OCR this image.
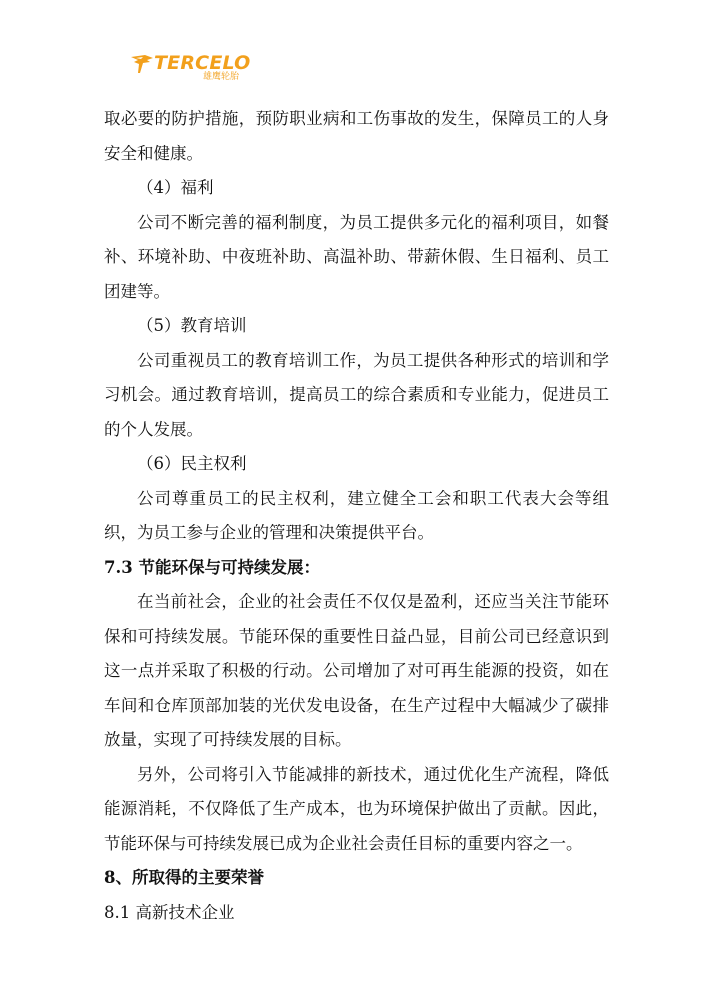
TERCELO
雄鹰轮胎

取必要的防护措施，预防职业病和工伤事故的发生，保障员工的人身安全和健康。

（4）福利

公司不断完善的福利制度，为员工提供多元化的福利项目，如餐补、环境补助、中夜班补助、高温补助、带薪休假、生日福利、员工团建等。

（5）教育培训

公司重视员工的教育培训工作，为员工提供各种形式的培训和学习机会。通过教育培训，提高员工的综合素质和专业能力，促进员工的个人发展。

（6）民主权利

公司尊重员工的民主权利，建立健全工会和职工代表大会等组织，为员工参与企业的管理和决策提供平台。

7.3 节能环保与可持续发展：

在当前社会，企业的社会责任不仅仅是盈利，还应当关注节能环保和可持续发展。节能环保的重要性日益凸显，目前公司已经意识到这一点并采取了积极的行动。公司增加了对可再生能源的投资，如在车间和仓库顶部加装的光伏发电设备，在生产过程中大幅减少了碳排放量，实现了可持续发展的目标。

另外，公司将引入节能减排的新技术，通过优化生产流程，降低能源消耗，不仅降低了生产成本，也为环境保护做出了贡献。因此，节能环保与可持续发展已成为企业社会责任目标的重要内容之一。

8、所取得的主要荣誉

8.1 高新技术企业
